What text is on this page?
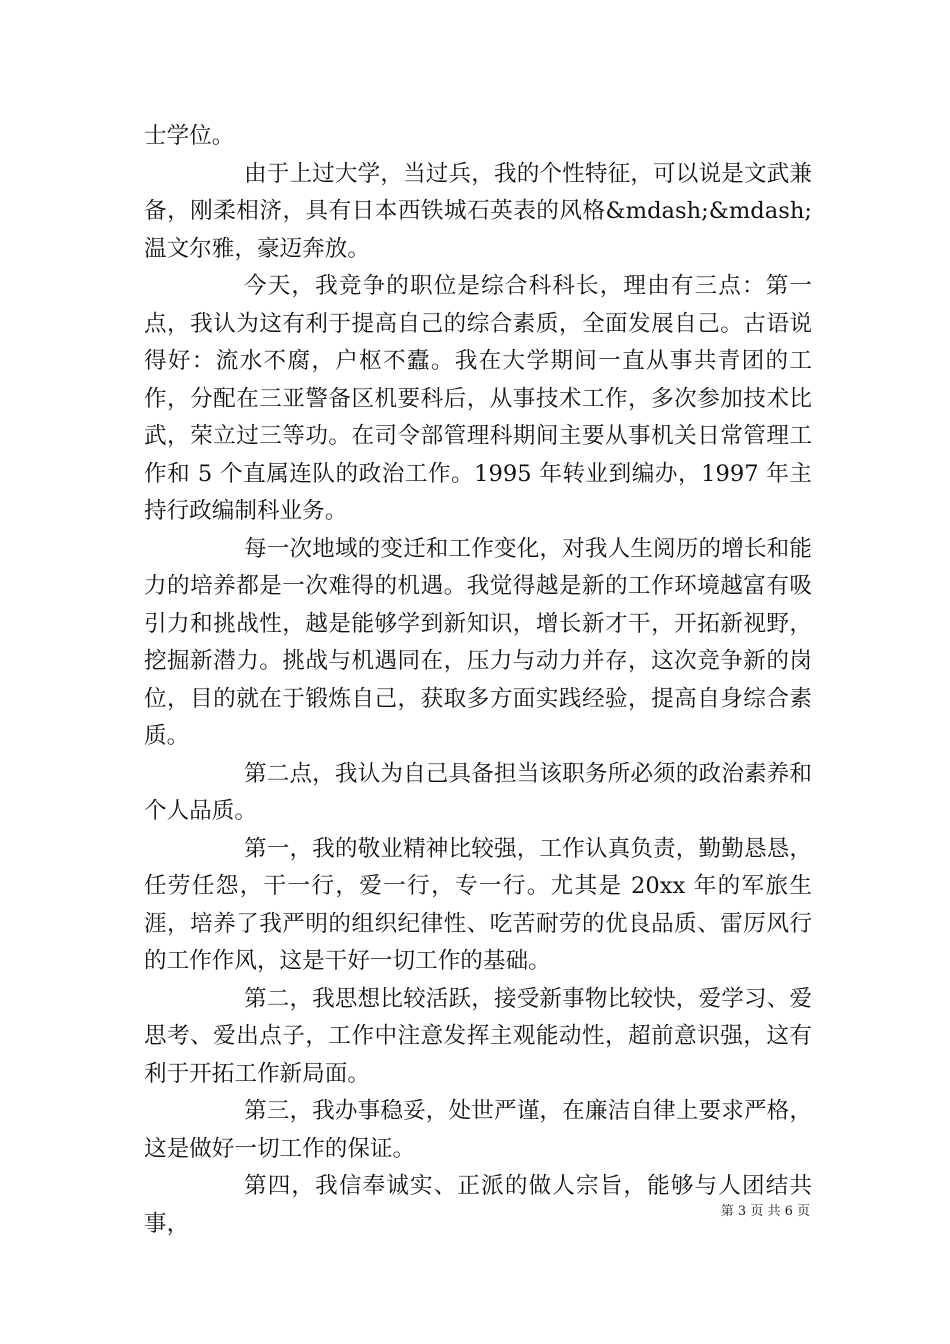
士学位。

由于上过大学，当过兵，我的个性特征，可以说是文武兼备，刚柔相济，具有日本西铁城石英表的风格&mdash;&mdash;温文尔雅，豪迈奔放。

今天，我竞争的职位是综合科科长，理由有三点：第一点，我认为这有利于提高自己的综合素质，全面发展自己。古语说得好：流水不腐，户枢不蠹。我在大学期间一直从事共青团的工作，分配在三亚警备区机要科后，从事技术工作，多次参加技术比武，荣立过三等功。在司令部管理科期间主要从事机关日常管理工作和 5 个直属连队的政治工作。1995 年转业到编办，1997 年主持行政编制科业务。

每一次地域的变迁和工作变化，对我人生阅历的增长和能力的培养都是一次难得的机遇。我觉得越是新的工作环境越富有吸引力和挑战性，越是能够学到新知识，增长新才干，开拓新视野，挖掘新潜力。挑战与机遇同在，压力与动力并存，这次竞争新的岗位，目的就在于锻炼自己，获取多方面实践经验，提高自身综合素质。

第二点，我认为自己具备担当该职务所必须的政治素养和个人品质。

第一，我的敬业精神比较强，工作认真负责，勤勤恳恳，任劳任怨，干一行，爱一行，专一行。尤其是 20xx 年的军旅生涯，培养了我严明的组织纪律性、吃苦耐劳的优良品质、雷厉风行的工作作风，这是干好一切工作的基础。

第二，我思想比较活跃，接受新事物比较快，爱学习、爱思考、爱出点子，工作中注意发挥主观能动性，超前意识强，这有利于开拓工作新局面。

第三，我办事稳妥，处世严谨，在廉洁自律上要求严格，这是做好一切工作的保证。

第四，我信奉诚实、正派的做人宗旨，能够与人团结共事，	第 3 页 共 6 页
